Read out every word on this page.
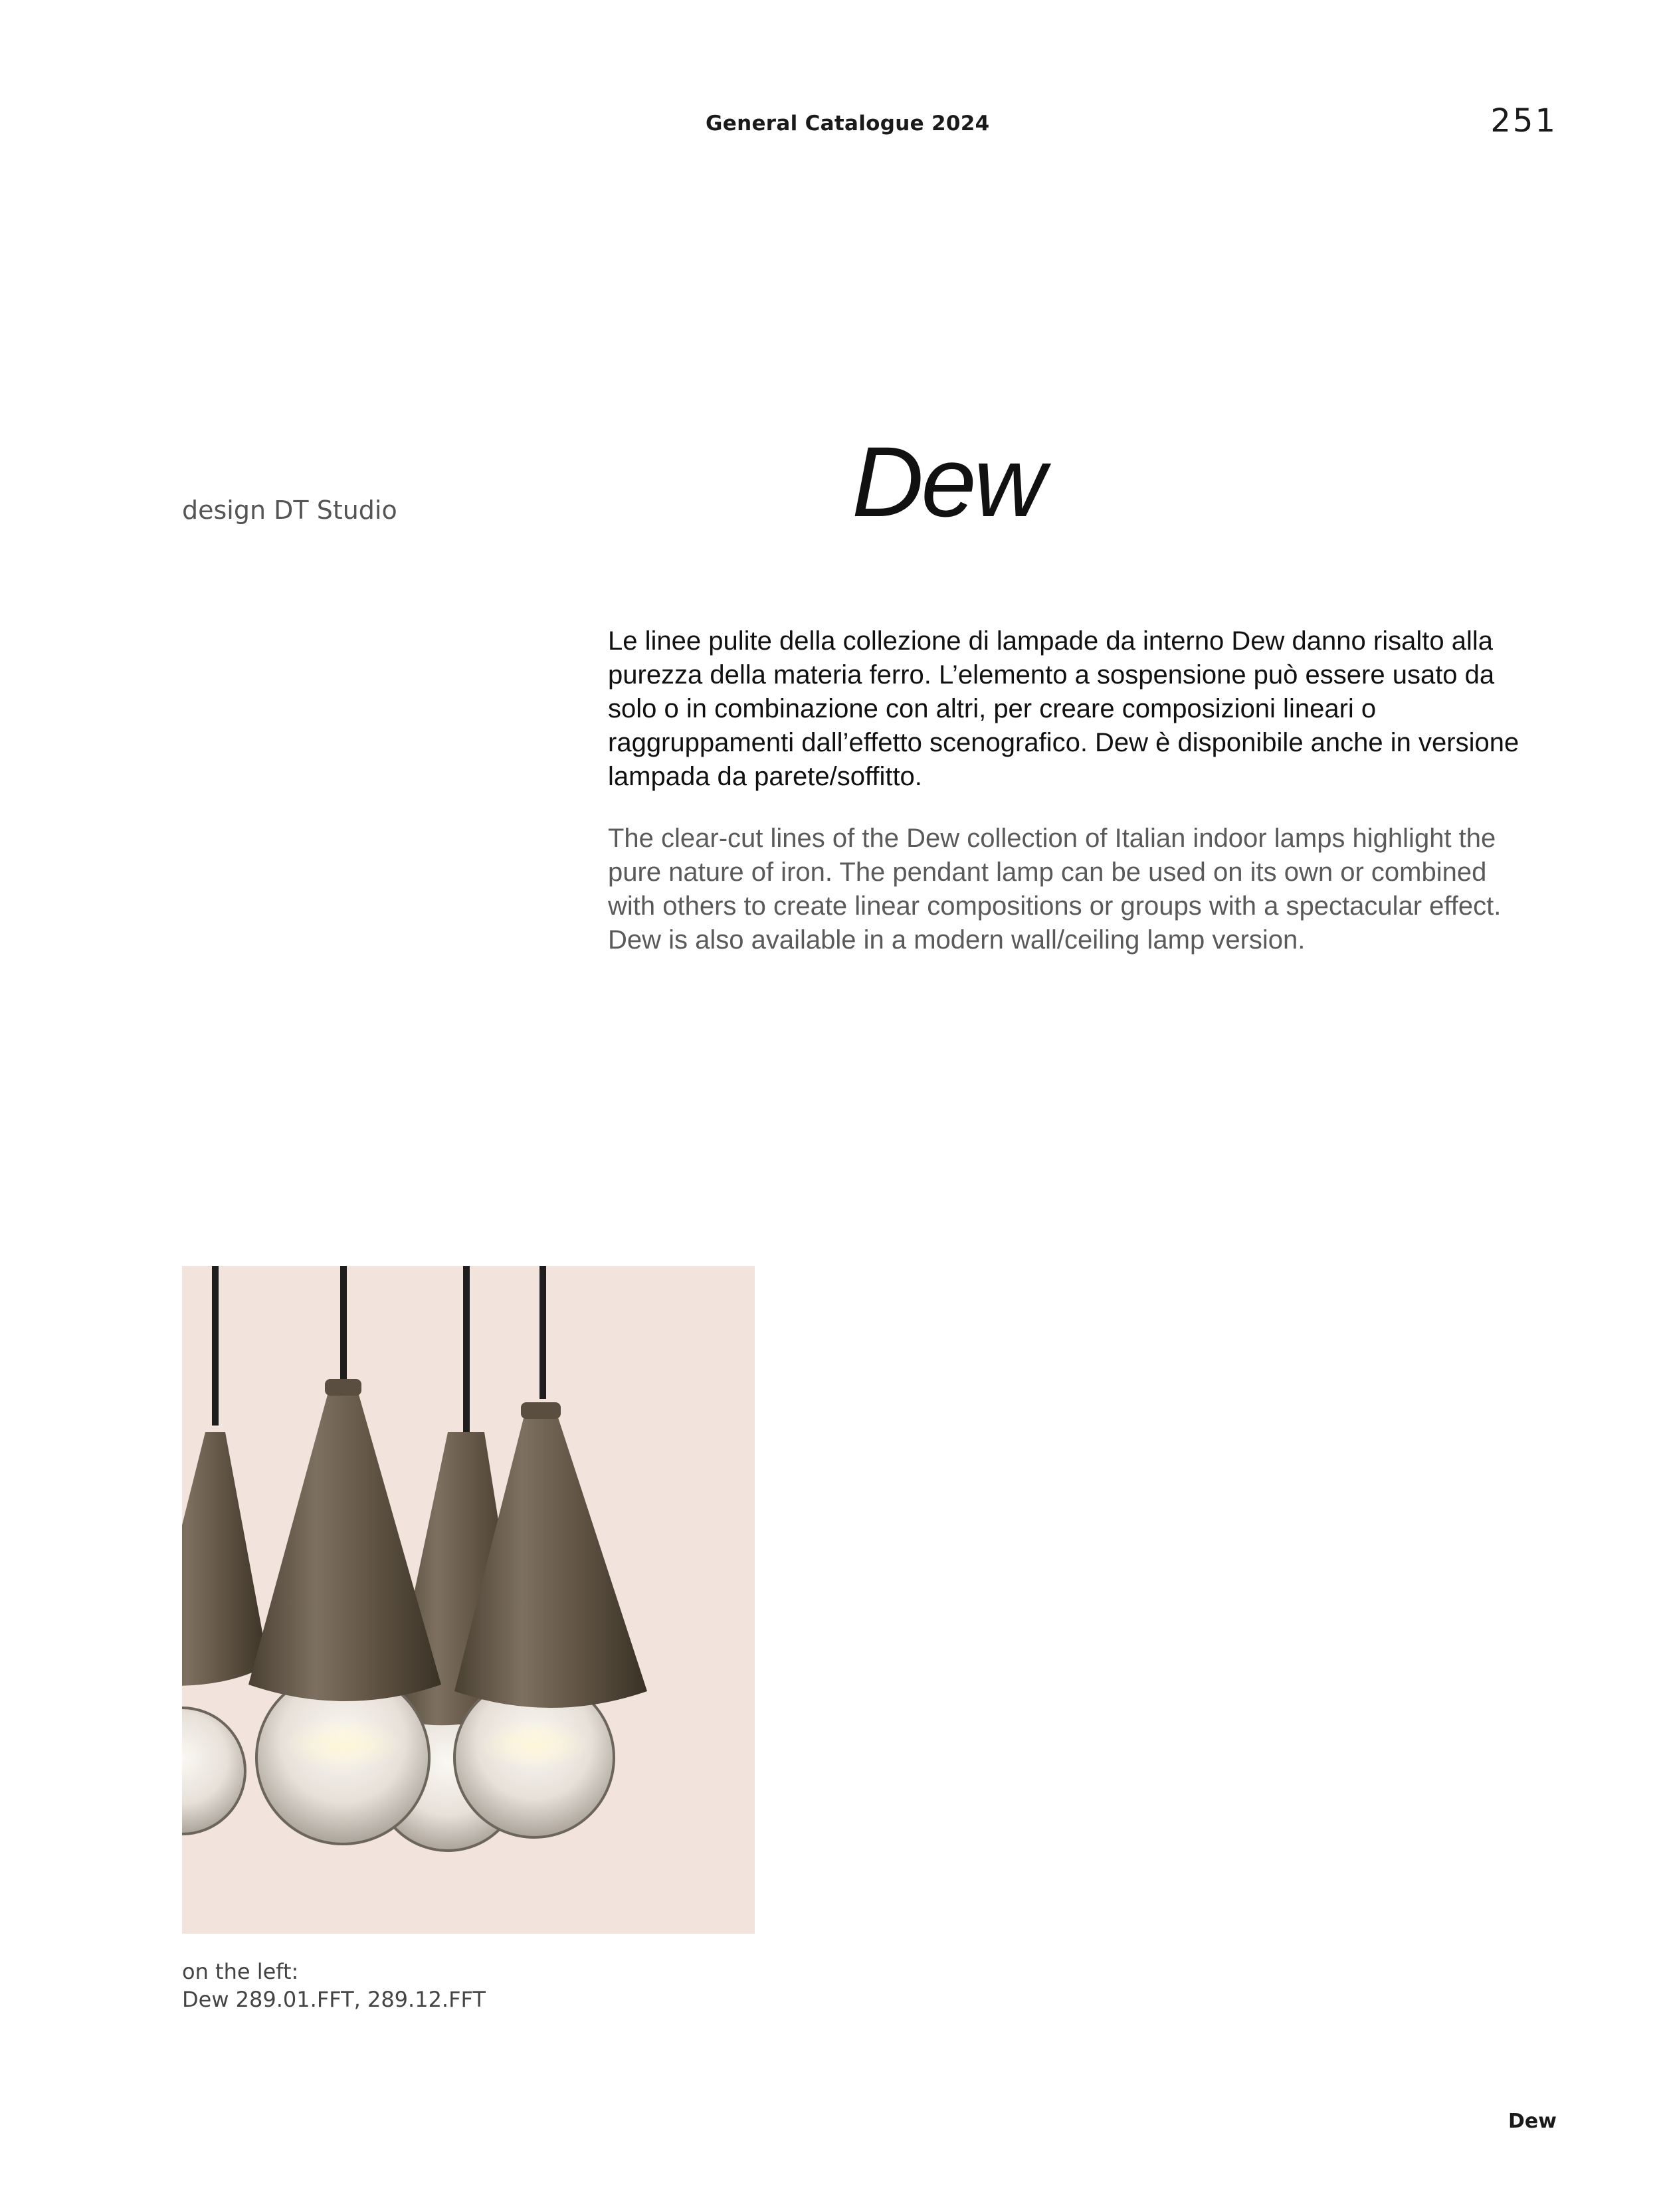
General Catalogue 2024	251
design DT Studio	Dew
Le linee pulite della collezione di lampade da interno Dew danno risalto alla purezza della materia ferro. L’elemento a sospensione può essere usato da solo o in combinazione con altri, per creare composizioni lineari o raggruppamenti dall’effetto scenografico. Dew è disponibile anche in versione lampada da parete/soffitto.
The clear-cut lines of the Dew collection of Italian indoor lamps highlight the pure nature of iron. The pendant lamp can be used on its own or combined with others to create linear compositions or groups with a spectacular effect. Dew is also available in a modern wall/ceiling lamp version.
on the left:
Dew 289.01.FFT, 289.12.FFT
Dew
